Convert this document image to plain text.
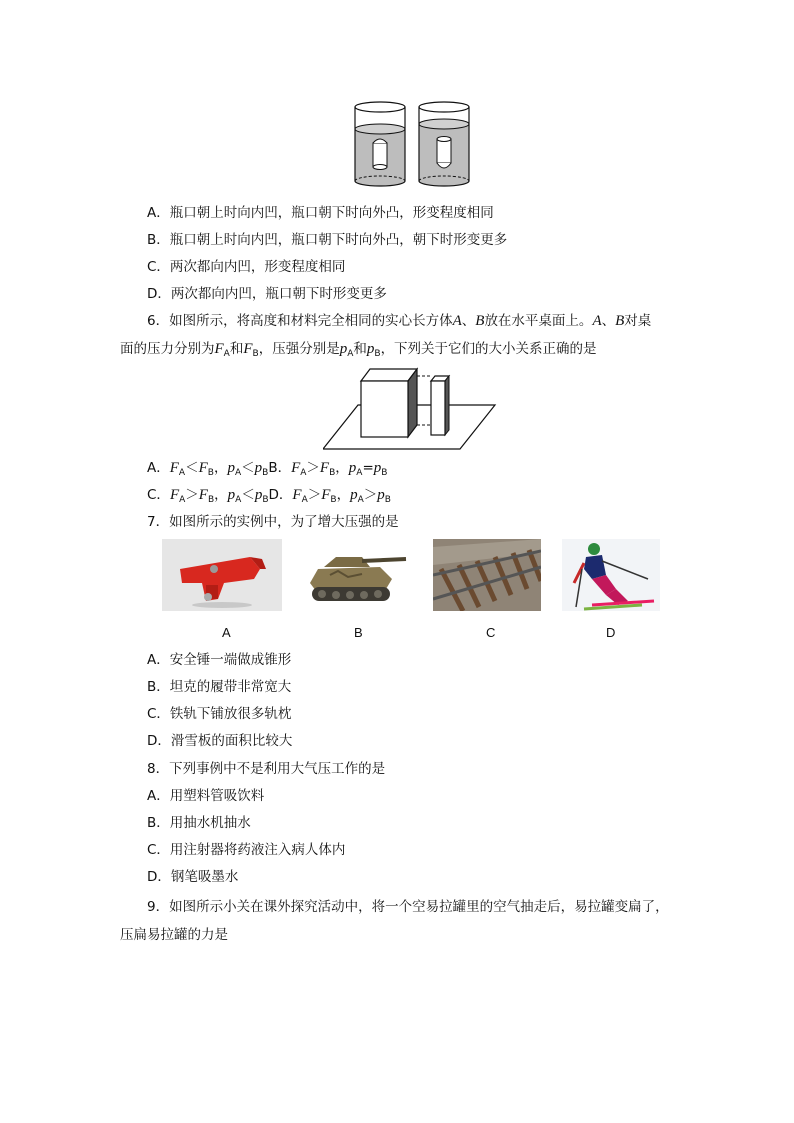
A．瓶口朝上时向内凹，瓶口朝下时向外凸，形变程度相同
B．瓶口朝上时向内凹，瓶口朝下时向外凸，朝下时形变更多
C．两次都向内凹，形变程度相同
D．两次都向内凹，瓶口朝下时形变更多
6．如图所示，将高度和材料完全相同的实心长方体A、B放在水平桌面上。A、B对桌
面的压力分别为$F_A$和$F_B$，压强分别是$p_A$和$p_B$，下列关于它们的大小关系正确的是
A．$F_A<F_B$，$p_A<p_BB$．$F_A>F_B$，$p_A=p_B$
C．$F_A>F_B$，$p_A<p_BD$．$F_A>F_B$，$p_A>p_B$
7．如图所示的实例中，为了增大压强的是
A	B	C	D
A．安全锤一端做成锥形
B．坦克的履带非常宽大
C．铁轨下铺放很多轨枕
D．滑雪板的面积比较大
8．下列事例中不是利用大气压工作的是
A．用塑料管吸饮料
B．用抽水机抽水
C．用注射器将药液注入病人体内
D．钢笔吸墨水
9．如图所示小关在课外探究活动中，将一个空易拉罐里的空气抽走后，易拉罐变扁了，
压扁易拉罐的力是
